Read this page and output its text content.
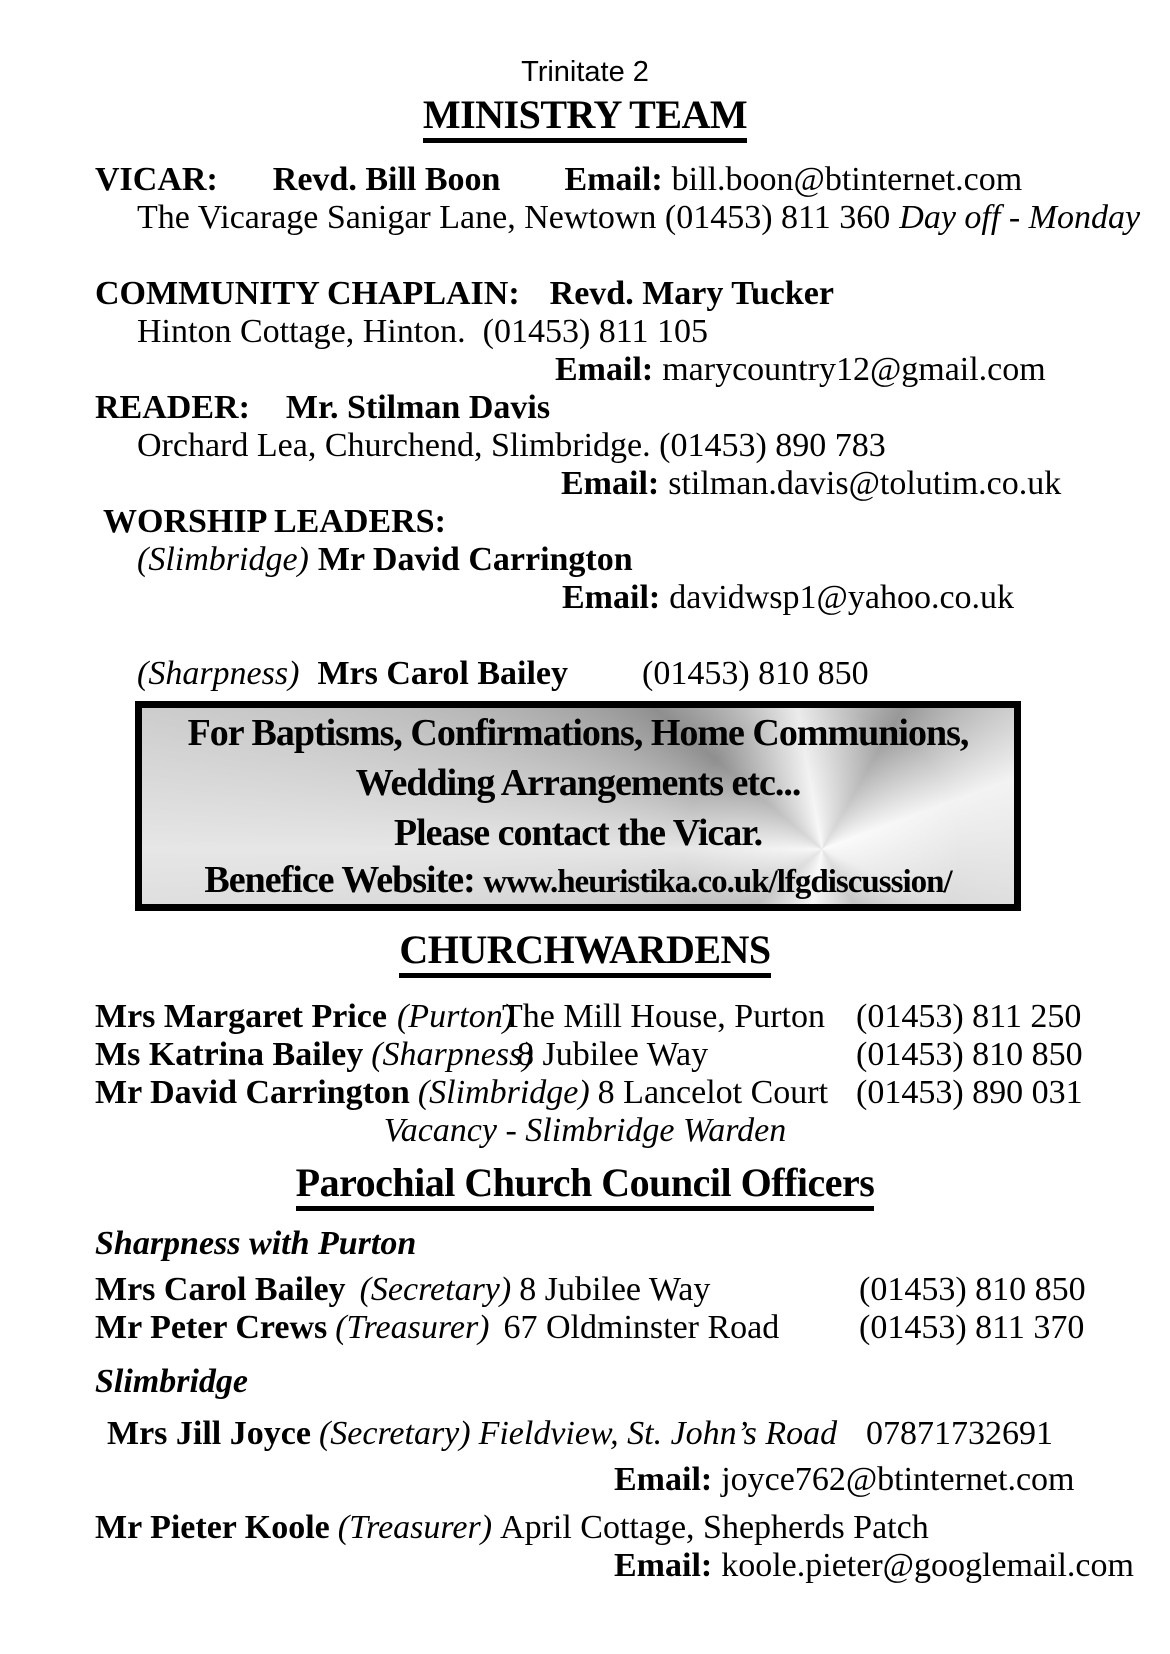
Trinitate 2
MINISTRY TEAM
VICAR: Revd. Bill Boon Email: bill.boon@btinternet.com
The Vicarage Sanigar Lane, Newtown (01453) 811 360 Day off - Monday
COMMUNITY CHAPLAIN: Revd. Mary Tucker
Hinton Cottage, Hinton.  (01453) 811 105
Email: marycountry12@gmail.com
READER: Mr. Stilman Davis
Orchard Lea, Churchend, Slimbridge. (01453) 890 783
Email: stilman.davis@tolutim.co.uk
WORSHIP LEADERS:
(Slimbridge) Mr David Carrington
Email: davidwsp1@yahoo.co.uk
(Sharpness) Mrs Carol Bailey (01453) 810 850
For Baptisms, Confirmations, Home Communions,
Wedding Arrangements etc...
Please contact the Vicar.
Benefice Website: www.heuristika.co.uk/lfgdiscussion/
CHURCHWARDENS
Mrs Margaret Price (Purton)
The Mill House, Purton (01453) 811 250
Ms Katrina Bailey (Sharpness)
8 Jubilee Way	(01453) 810 850
Mr David Carrington (Slimbridge) 8 Lancelot Court (01453) 890 031
Vacancy - Slimbridge Warden
Parochial Church Council Officers
Sharpness with Purton
Mrs Carol Bailey (Secretary) 8 Jubilee Way	(01453) 810 850
Mr Peter Crews (Treasurer) 67 Oldminster Road (01453) 811 370
Slimbridge
Mrs Jill Joyce (Secretary) Fieldview, St. John’s Road 07871732691
Email: joyce762@btinternet.com
Mr Pieter Koole (Treasurer) April Cottage, Shepherds Patch
Email: koole.pieter@googlemail.com
